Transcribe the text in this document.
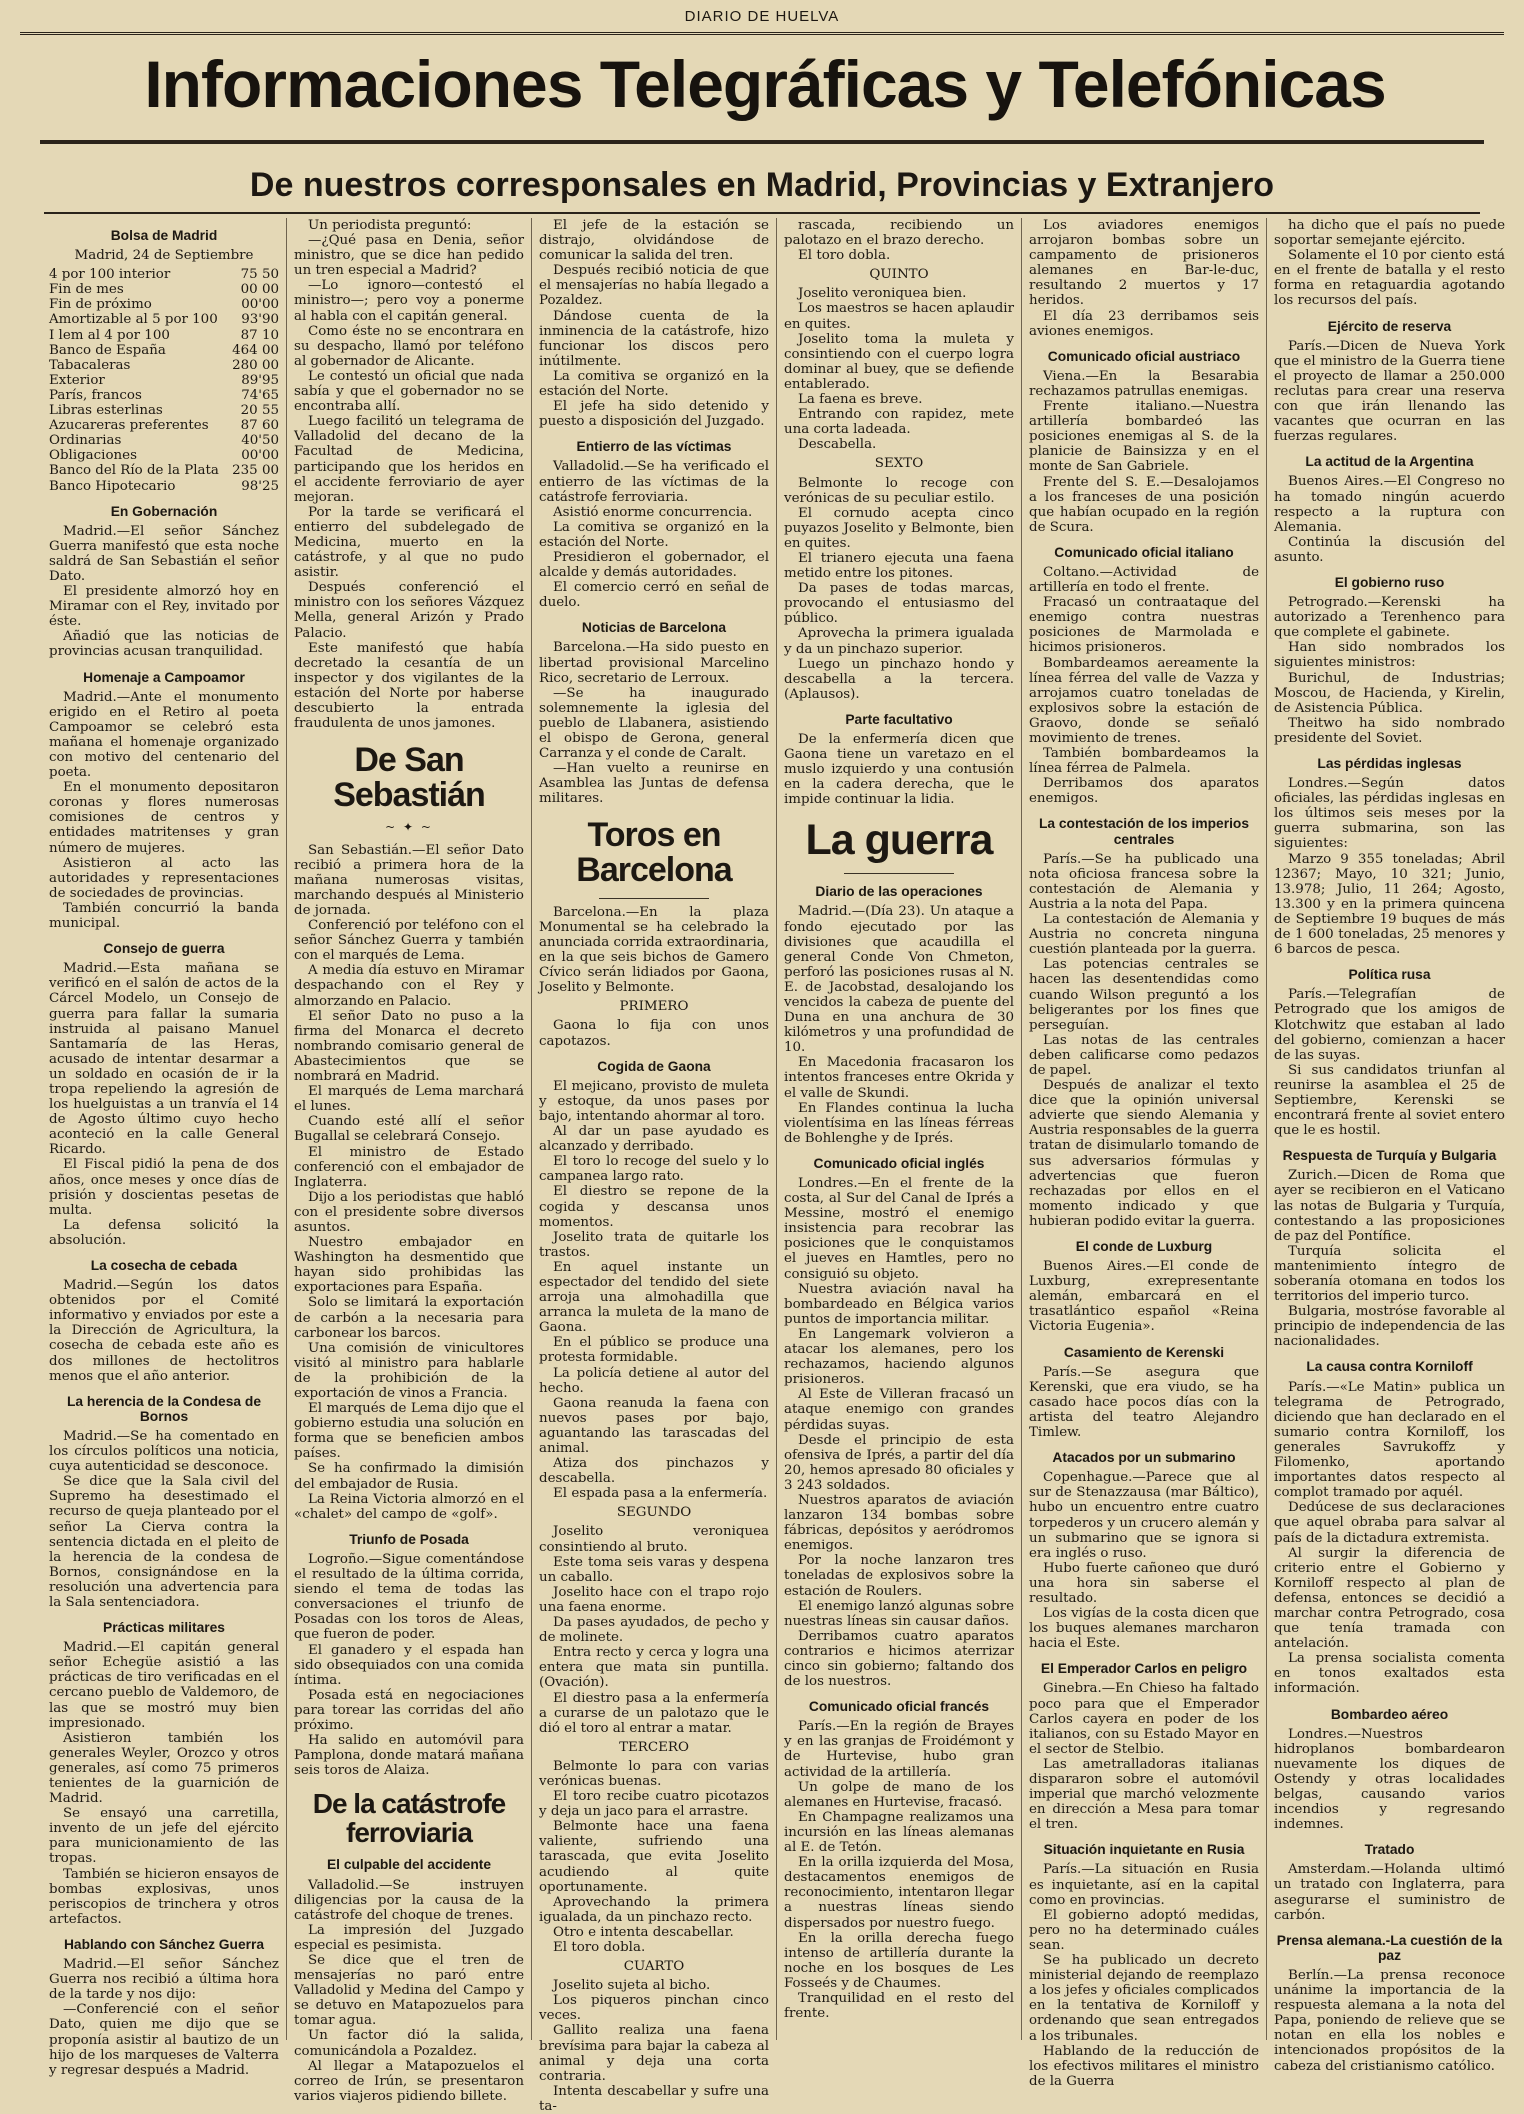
DIARIO DE HUELVA
Informaciones Telegráficas y Telefónicas
De nuestros corresponsales en Madrid, Provincias y Extranjero
Bolsa de Madrid
Madrid, 24 de Septiembre
4 por 100 interior	75 50
Fin de mes	00 00
Fin de próximo	00'00
Amortizable al 5 por 100 93'90
I lem al 4 por 100	87 10
Banco de España	464 00
Tabacaleras	280 00
Exterior	89'95
París, francos	74'65
Libras esterlinas	20 55
Azucareras preferentes 87 60
Ordinarias	40'50
Obligaciones	00'00
Banco del Río de la Plata 235 00
Banco Hipotecario	98'25
En Gobernación

Madrid.—El señor Sánchez Guerra manifestó que esta noche saldrá de San Sebastián el señor Dato.

El presidente almorzó hoy en Miramar con el Rey, invitado por éste.

Añadió que las noticias de provincias acusan tranquilidad.

Homenaje a Campoamor

Madrid.—Ante el monumento erigido en el Retiro al poeta Campoamor se celebró esta mañana el homenaje organizado con motivo del centenario del poeta.

En el monumento depositaron coronas y flores numerosas comisiones de centros y entidades matritenses y gran número de mujeres.

Asistieron al acto las autoridades y representaciones de sociedades de provincias.

También concurrió la banda municipal.

Consejo de guerra

Madrid.—Esta mañana se verificó en el salón de actos de la Cárcel Modelo, un Consejo de guerra para fallar la sumaria instruida al paisano Manuel Santamaría de las Heras, acusado de intentar desarmar a un soldado en ocasión de ir la tropa repeliendo la agresión de los huelguistas a un tranvía el 14 de Agosto último cuyo hecho aconteció en la calle General Ricardo.

El Fiscal pidió la pena de dos años, once meses y once días de prisión y doscientas pesetas de multa.

La defensa solicitó la absolución.

La cosecha de cebada

Madrid.—Según los datos obtenidos por el Comité informativo y enviados por este a la Dirección de Agricultura, la cosecha de cebada este año es dos millones de hectolitros menos que el año anterior.

La herencia de la Condesa de Bornos

Madrid.—Se ha comentado en los círculos políticos una noticia, cuya autenticidad se desconoce.

Se dice que la Sala civil del Supremo ha desestimado el recurso de queja planteado por el señor La Cierva contra la sentencia dictada en el pleito de la herencia de la condesa de Bornos, consignándose en la resolución una advertencia para la Sala sentenciadora.

Prácticas militares

Madrid.—El capitán general señor Echegüe asistió a las prácticas de tiro verificadas en el cercano pueblo de Valdemoro, de las que se mostró muy bien impresionado.

Asistieron también los generales Weyler, Orozco y otros generales, así como 75 primeros tenientes de la guarnición de Madrid.

Se ensayó una carretilla, invento de un jefe del ejército para municionamiento de las tropas.

También se hicieron ensayos de bombas explosivas, unos periscopios de trinchera y otros artefactos.

Hablando con Sánchez Guerra

Madrid.—El señor Sánchez Guerra nos recibió a última hora de la tarde y nos dijo:

—Conferencié con el señor Dato, quien me dijo que se proponía asistir al bautizo de un hijo de los marqueses de Valterra y regresar después a Madrid.

Un periodista preguntó:

—¿Qué pasa en Denia, señor ministro, que se dice han pedido un tren especial a Madrid?

—Lo ignoro—contestó el ministro—; pero voy a ponerme al habla con el capitán general.

Como éste no se encontrara en su despacho, llamó por teléfono al gobernador de Alicante.

Le contestó un oficial que nada sabía y que el gobernador no se encontraba allí.

Luego facilitó un telegrama de Valladolid del decano de la Facultad de Medicina, participando que los heridos en el accidente ferroviario de ayer mejoran.

Por la tarde se verificará el entierro del subdelegado de Medicina, muerto en la catástrofe, y al que no pudo asistir.

Después conferenció el ministro con los señores Vázquez Mella, general Arizón y Prado Palacio.

Este manifestó que había decretado la cesantía de un inspector y dos vigilantes de la estación del Norte por haberse descubierto la entrada fraudulenta de unos jamones.

De San Sebastián
~ ✦ ~

San Sebastián.—El señor Dato recibió a primera hora de la mañana numerosas visitas, marchando después al Ministerio de jornada.

Conferenció por teléfono con el señor Sánchez Guerra y también con el marqués de Lema.

A media día estuvo en Miramar despachando con el Rey y almorzando en Palacio.

El señor Dato no puso a la firma del Monarca el decreto nombrando comisario general de Abastecimientos que se nombrará en Madrid.

El marqués de Lema marchará el lunes.

Cuando esté allí el señor Bugallal se celebrará Consejo.

El ministro de Estado conferenció con el embajador de Inglaterra.

Dijo a los periodistas que habló con el presidente sobre diversos asuntos.

Nuestro embajador en Washington ha desmentido que hayan sido prohibidas las exportaciones para España.

Solo se limitará la exportación de carbón a la necesaria para carbonear los barcos.

Una comisión de vinicultores visitó al ministro para hablarle de la prohibición de la exportación de vinos a Francia.

El marqués de Lema dijo que el gobierno estudia una solución en forma que se beneficien ambos países.

Se ha confirmado la dimisión del embajador de Rusia.

La Reina Victoria almorzó en el «chalet» del campo de «golf».

Triunfo de Posada

Logroño.—Sigue comentándose el resultado de la última corrida, siendo el tema de todas las conversaciones el triunfo de Posadas con los toros de Aleas, que fueron de poder.

El ganadero y el espada han sido obsequiados con una comida íntima.

Posada está en negociaciones para torear las corridas del año próximo.

Ha salido en automóvil para Pamplona, donde matará mañana seis toros de Alaiza.

De la catástrofe ferroviaria
El culpable del accidente

Valladolid.—Se instruyen diligencias por la causa de la catástrofe del choque de trenes.

La impresión del Juzgado especial es pesimista.

Se dice que el tren de mensajerías no paró entre Valladolid y Medina del Campo y se detuvo en Matapozuelos para tomar agua.

Un factor dió la salida, comunicándola a Pozaldez.

Al llegar a Matapozuelos el correo de Irún, se presentaron varios viajeros pidiendo billete.

El jefe de la estación se distrajo, olvidándose de comunicar la salida del tren.

Después recibió noticia de que el mensajerías no había llegado a Pozaldez.

Dándose cuenta de la inminencia de la catástrofe, hizo funcionar los discos pero inútilmente.

La comitiva se organizó en la estación del Norte.

El jefe ha sido detenido y puesto a disposición del Juzgado.

Entierro de las víctimas

Valladolid.—Se ha verificado el entierro de las víctimas de la catástrofe ferroviaria.

Asistió enorme concurrencia.

La comitiva se organizó en la estación del Norte.

Presidieron el gobernador, el alcalde y demás autoridades.

El comercio cerró en señal de duelo.

Noticias de Barcelona

Barcelona.—Ha sido puesto en libertad provisional Marcelino Rico, secretario de Lerroux.

—Se ha inaugurado solemnemente la iglesia del pueblo de Llabanera, asistiendo el obispo de Gerona, general Carranza y el conde de Caralt.

—Han vuelto a reunirse en Asamblea las Juntas de defensa militares.

Toros en Barcelona

Barcelona.—En la plaza Monumental se ha celebrado la anunciada corrida extraordinaria, en la que seis bichos de Gamero Cívico serán lidiados por Gaona, Joselito y Belmonte.

PRIMERO

Gaona lo fija con unos capotazos.

Cogida de Gaona

El mejicano, provisto de muleta y estoque, da unos pases por bajo, intentando ahormar al toro.

Al dar un pase ayudado es alcanzado y derribado.

El toro lo recoge del suelo y lo campanea largo rato.

El diestro se repone de la cogida y descansa unos momentos.

Joselito trata de quitarle los trastos.

En aquel instante un espectador del tendido del siete arroja una almohadilla que arranca la muleta de la mano de Gaona.

En el público se produce una protesta formidable.

La policía detiene al autor del hecho.

Gaona reanuda la faena con nuevos pases por bajo, aguantando las tarascadas del animal.

Atiza dos pinchazos y descabella.

El espada pasa a la enfermería.

SEGUNDO

Joselito veroniquea consintiendo al bruto.

Este toma seis varas y despena un caballo.

Joselito hace con el trapo rojo una faena enorme.

Da pases ayudados, de pecho y de molinete.

Entra recto y cerca y logra una entera que mata sin puntilla. (Ovación).

El diestro pasa a la enfermería a curarse de un palotazo que le dió el toro al entrar a matar.

TERCERO

Belmonte lo para con varias verónicas buenas.

El toro recibe cuatro picotazos y deja un jaco para el arrastre.

Belmonte hace una faena valiente, sufriendo una tarascada, que evita Joselito acudiendo al quite oportunamente.

Aprovechando la primera igualada, da un pinchazo recto.

Otro e intenta descabellar.

El toro dobla.

CUARTO

Joselito sujeta al bicho.

Los piqueros pinchan cinco veces.

Gallito realiza una faena brevísima para bajar la cabeza al animal y deja una corta contraria.

Intenta descabellar y sufre una ta-

rascada, recibiendo un palotazo en el brazo derecho.

El toro dobla.

QUINTO

Joselito veroniquea bien.

Los maestros se hacen aplaudir en quites.

Joselito toma la muleta y consintiendo con el cuerpo logra dominar al buey, que se defiende entablerado.

La faena es breve.

Entrando con rapidez, mete una corta ladeada.

Descabella.

SEXTO

Belmonte lo recoge con verónicas de su peculiar estilo.

El cornudo acepta cinco puyazos Joselito y Belmonte, bien en quites.

El trianero ejecuta una faena metido entre los pitones.

Da pases de todas marcas, provocando el entusiasmo del público.

Aprovecha la primera igualada y da un pinchazo superior.

Luego un pinchazo hondo y descabella a la tercera. (Aplausos).

Parte facultativo

De la enfermería dicen que Gaona tiene un varetazo en el muslo izquierdo y una contusión en la cadera derecha, que le impide continuar la lidia.

La guerra
Diario de las operaciones

Madrid.—(Día 23). Un ataque a fondo ejecutado por las divisiones que acaudilla el general Conde Von Chmeton, perforó las posiciones rusas al N. E. de Jacobstad, desalojando los vencidos la cabeza de puente del Duna en una anchura de 30 kilómetros y una profundidad de 10.

En Macedonia fracasaron los intentos franceses entre Okrida y el valle de Skundi.

En Flandes continua la lucha violentísima en las líneas férreas de Bohlenghe y de Iprés.

Comunicado oficial inglés

Londres.—En el frente de la costa, al Sur del Canal de Iprés a Messine, mostró el enemigo insistencia para recobrar las posiciones que le conquistamos el jueves en Hamtles, pero no consiguió su objeto.

Nuestra aviación naval ha bombardeado en Bélgica varios puntos de importancia militar.

En Langemark volvieron a atacar los alemanes, pero los rechazamos, haciendo algunos prisioneros.

Al Este de Villeran fracasó un ataque enemigo con grandes pérdidas suyas.

Desde el principio de esta ofensiva de Iprés, a partir del día 20, hemos apresado 80 oficiales y 3 243 soldados.

Nuestros aparatos de aviación lanzaron 134 bombas sobre fábricas, depósitos y aeródromos enemigos.

Por la noche lanzaron tres toneladas de explosivos sobre la estación de Roulers.

El enemigo lanzó algunas sobre nuestras líneas sin causar daños.

Derribamos cuatro aparatos contrarios e hicimos aterrizar cinco sin gobierno; faltando dos de los nuestros.

Comunicado oficial francés

París.—En la región de Brayes y en las granjas de Froidémont y de Hurtevise, hubo gran actividad de la artillería.

Un golpe de mano de los alemanes en Hurtevise, fracasó.

En Champagne realizamos una incursión en las líneas alemanas al E. de Tetón.

En la orilla izquierda del Mosa, destacamentos enemigos de reconocimiento, intentaron llegar a nuestras líneas siendo dispersados por nuestro fuego.

En la orilla derecha fuego intenso de artillería durante la noche en los bosques de Les Fosseés y de Chaumes.

Tranquilidad en el resto del frente.

Los aviadores enemigos arrojaron bombas sobre un campamento de prisioneros alemanes en Bar-le-duc, resultando 2 muertos y 17 heridos.

El día 23 derribamos seis aviones enemigos.

Comunicado oficial austriaco

Viena.—En la Besarabia rechazamos patrullas enemigas.

Frente italiano.—Nuestra artillería bombardeó las posiciones enemigas al S. de la planicie de Bainsizza y en el monte de San Gabriele.

Frente del S. E.—Desalojamos a los franceses de una posición que habían ocupado en la región de Scura.

Comunicado oficial italiano

Coltano.—Actividad de artillería en todo el frente.

Fracasó un contraataque del enemigo contra nuestras posiciones de Marmolada e hicimos prisioneros.

Bombardeamos aereamente la línea férrea del valle de Vazza y arrojamos cuatro toneladas de explosivos sobre la estación de Graovo, donde se señaló movimiento de trenes.

También bombardeamos la línea férrea de Palmela.

Derribamos dos aparatos enemigos.

La contestación de los imperios centrales

París.—Se ha publicado una nota oficiosa francesa sobre la contestación de Alemania y Austria a la nota del Papa.

La contestación de Alemania y Austria no concreta ninguna cuestión planteada por la guerra.

Las potencias centrales se hacen las desentendidas como cuando Wilson preguntó a los beligerantes por los fines que perseguían.

Las notas de las centrales deben calificarse como pedazos de papel.

Después de analizar el texto dice que la opinión universal advierte que siendo Alemania y Austria responsables de la guerra tratan de disimularlo tomando de sus adversarios fórmulas y advertencias que fueron rechazadas por ellos en el momento indicado y que hubieran podido evitar la guerra.

El conde de Luxburg

Buenos Aires.—El conde de Luxburg, exrepresentante alemán, embarcará en el trasatlántico español «Reina Victoria Eugenia».

Casamiento de Kerenski

París.—Se asegura que Kerenski, que era viudo, se ha casado hace pocos días con la artista del teatro Alejandro Timlew.

Atacados por un submarino

Copenhague.—Parece que al sur de Stenazzausa (mar Báltico), hubo un encuentro entre cuatro torpederos y un crucero alemán y un submarino que se ignora si era inglés o ruso.

Hubo fuerte cañoneo que duró una hora sin saberse el resultado.

Los vigías de la costa dicen que los buques alemanes marcharon hacia el Este.

El Emperador Carlos en peligro

Ginebra.—En Chieso ha faltado poco para que el Emperador Carlos cayera en poder de los italianos, con su Estado Mayor en el sector de Stelbio.

Las ametralladoras italianas dispararon sobre el automóvil imperial que marchó velozmente en dirección a Mesa para tomar el tren.

Situación inquietante en Rusia

París.—La situación en Rusia es inquietante, así en la capital como en provincias.

El gobierno adoptó medidas, pero no ha determinado cuáles sean.

Se ha publicado un decreto ministerial dejando de reemplazo a los jefes y oficiales complicados en la tentativa de Korniloff y ordenando que sean entregados a los tribunales.

Hablando de la reducción de los efectivos militares el ministro de la Guerra

ha dicho que el país no puede soportar semejante ejército.

Solamente el 10 por ciento está en el frente de batalla y el resto forma en retaguardia agotando los recursos del país.

Ejército de reserva

París.—Dicen de Nueva York que el ministro de la Guerra tiene el proyecto de llamar a 250.000 reclutas para crear una reserva con que irán llenando las vacantes que ocurran en las fuerzas regulares.

La actitud de la Argentina

Buenos Aires.—El Congreso no ha tomado ningún acuerdo respecto a la ruptura con Alemania.

Continúa la discusión del asunto.

El gobierno ruso

Petrogrado.—Kerenski ha autorizado a Terenhenco para que complete el gabinete.

Han sido nombrados los siguientes ministros:

Burichul, de Industrias; Moscou, de Hacienda, y Kirelin, de Asistencia Pública.

Theitwo ha sido nombrado presidente del Soviet.

Las pérdidas inglesas

Londres.—Según datos oficiales, las pérdidas inglesas en los últimos seis meses por la guerra submarina, son las siguientes:

Marzo 9 355 toneladas; Abril 12367; Mayo, 10 321; Junio, 13.978; Julio, 11 264; Agosto, 13.300 y en la primera quincena de Septiembre 19 buques de más de 1 600 toneladas, 25 menores y 6 barcos de pesca.

Política rusa

París.—Telegrafían de Petrogrado que los amigos de Klotchwitz que estaban al lado del gobierno, comienzan a hacer de las suyas.

Si sus candidatos triunfan al reunirse la asamblea el 25 de Septiembre, Kerenski se encontrará frente al soviet entero que le es hostil.

Respuesta de Turquía y Bulgaria

Zurich.—Dicen de Roma que ayer se recibieron en el Vaticano las notas de Bulgaria y Turquía, contestando a las proposiciones de paz del Pontífice.

Turquía solicita el mantenimiento íntegro de soberanía otomana en todos los territorios del imperio turco.

Bulgaria, mostróse favorable al principio de independencia de las nacionalidades.

La causa contra Korniloff

París.—«Le Matin» publica un telegrama de Petrogrado, diciendo que han declarado en el sumario contra Korniloff, los generales Savrukoffz y Filomenko, aportando importantes datos respecto al complot tramado por aquél.

Dedúcese de sus declaraciones que aquel obraba para salvar al país de la dictadura extremista.

Al surgir la diferencia de criterio entre el Gobierno y Korniloff respecto al plan de defensa, entonces se decidió a marchar contra Petrogrado, cosa que tenía tramada con antelación.

La prensa socialista comenta en tonos exaltados esta información.

Bombardeo aéreo

Londres.—Nuestros hidroplanos bombardearon nuevamente los diques de Ostendy y otras localidades belgas, causando varios incendios y regresando indemnes.

Tratado

Amsterdam.—Holanda ultimó un tratado con Inglaterra, para asegurarse el suministro de carbón.

Prensa alemana.-La cuestión de la paz

Berlín.—La prensa reconoce unánime la importancia de la respuesta alemana a la nota del Papa, poniendo de relieve que se notan en ella los nobles e intencionados propósitos de la cabeza del cristianismo católico.
